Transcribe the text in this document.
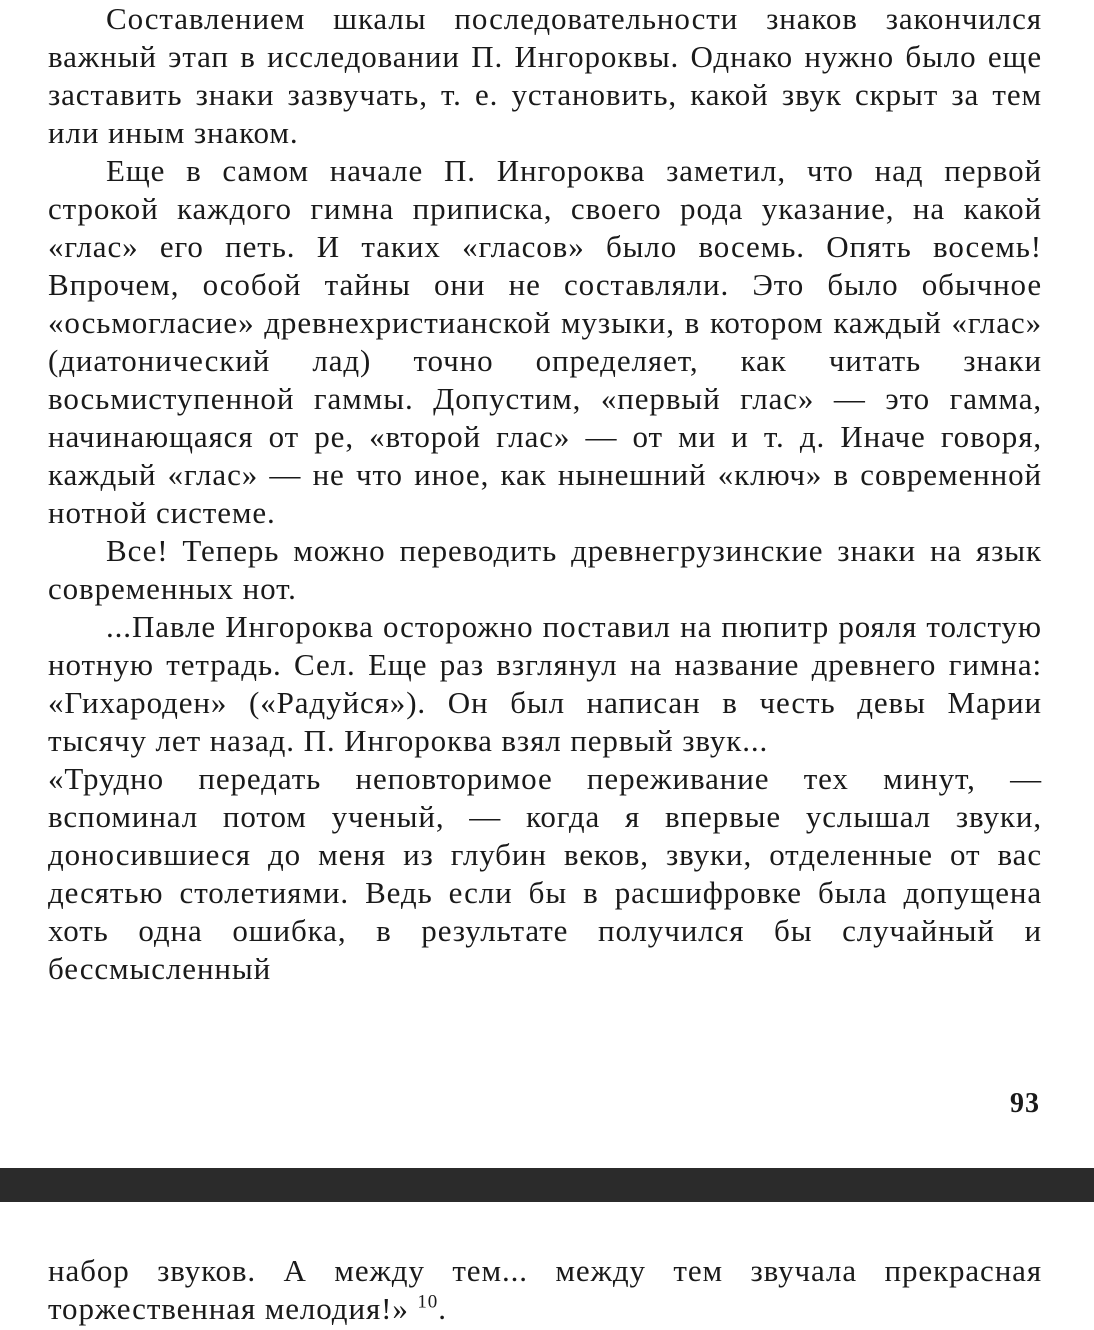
Составлением шкалы последовательности знаков закончился важный этап в исследовании П. Ингороквы. Однако нужно было еще заставить знаки зазвучать, т. е. установить, какой звук скрыт за тем или иным знаком.

Еще в самом начале П. Ингороква заметил, что над первой строкой каждого гимна приписка, своего рода указание, на какой «глас» его петь. И таких «гласов» было восемь. Опять восемь! Впрочем, особой тайны они не составляли. Это было обычное «осьмогласие» древнехристианской музыки, в котором каждый «глас» (диатонический лад) точно определяет, как читать знаки восьмиступенной гаммы. Допустим, «первый глас» — это гамма, начинающаяся от ре, «второй глас» — от ми и т. д. Иначе говоря, каждый «глас» — не что иное, как нынешний «ключ» в современной нотной системе.

Все! Теперь можно переводить древнегрузинские знаки на язык современных нот.

...Павле Ингороква осторожно поставил на пюпитр рояля толстую нотную тетрадь. Сел. Еще раз взглянул на название древнего гимна: «Гихароден» («Радуйся»). Он был написан в честь девы Марии тысячу лет назад. П. Ингороква взял первый звук...

«Трудно передать неповторимое переживание тех минут, — вспоминал потом ученый, — когда я впервые услышал звуки, доносившиеся до меня из глубин веков, звуки, отделенные от вас десятью столетиями. Ведь если бы в расшифровке была допущена хоть одна ошибка, в результате получился бы случайный и бессмысленный

93

набор звуков. А между тем... между тем звучала прекрасная торжественная мелодия!» $^{10}$.
